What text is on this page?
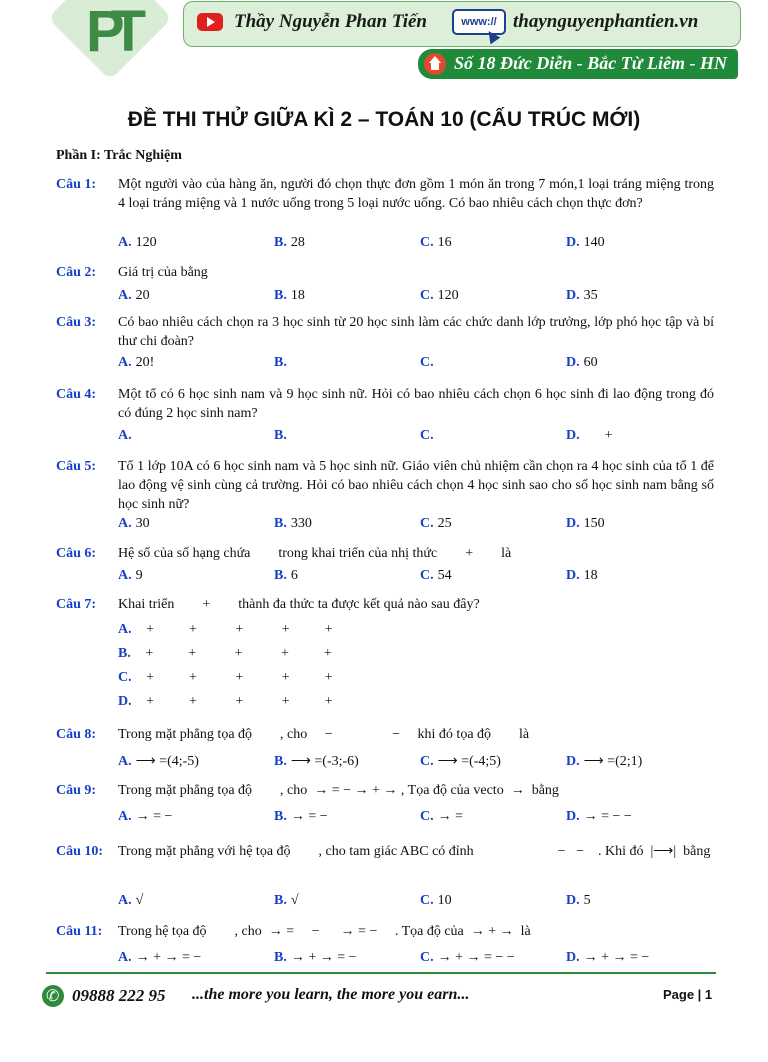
PT	Thầy Nguyễn Phan Tiến	www:// thaynguyenphantien.vn
Số 18 Đức Diễn - Bắc Từ Liêm - HN
ĐỀ THI THỬ GIỮA KÌ 2 – TOÁN 10 (CẤU TRÚC MỚI)
Phần I: Trắc Nghiệm
Câu 1: Một người vào của hàng ăn, người đó chọn thực đơn gồm 1 món ăn trong 7 món,1 loại tráng miệng trong 4 loại tráng miệng và 1 nước uống trong 5 loại nước uống. Có bao nhiêu cách chọn thực đơn?
A. 120	B. 28	C. 16	D. 140
Câu 2: Giá trị của bằng
A. 20	B. 18	C. 120	D. 35
Câu 3: Có bao nhiêu cách chọn ra 3 học sinh từ 20 học sinh làm các chức danh lớp trưởng, lớp phó học tập và bí thư chi đoàn?
A. 20!	B.	C.	D. 60
Câu 4: Một tổ có 6 học sinh nam và 9 học sinh nữ. Hỏi có bao nhiêu cách chọn 6 học sinh đi lao động trong đó có đúng 2 học sinh nam?
A.	B.	C.	D.      +
Câu 5: Tổ 1 lớp 10A có 6 học sinh nam và 5 học sinh nữ. Giáo viên chủ nhiệm cần chọn ra 4 học sinh của tổ 1 để lao động vệ sinh cùng cả trường. Hỏi có bao nhiêu cách chọn 4 học sinh sao cho số học sinh nam bằng số học sinh nữ?
A. 30	B. 330	C. 25	D. 150
Câu 6: Hệ số của số hạng chứa        trong khai triển của nhị thức        +        là
A. 9	B. 6	C. 54	D. 18
Câu 7: Khai triển        +        thành đa thức ta được kết quả nào sau đây?
A.   +          +           +           +          +
B.   +          +           +           +          +
C.   +          +           +           +          +
D.   +          +           +           +          +
Câu 8: Trong mặt phẳng tọa độ        , cho     −                 −     khi đó tọa độ        là
A. ⟶ =(4;-5)	B. ⟶ =(-3;-6)	C. ⟶ =(-4;5)	D. ⟶ =(2;1)
Câu 9: Trong mặt phẳng tọa độ        , cho  → = − → + → , Tọa độ của vecto  →  bằng

A. → = −

	B. → = −

	C. → =

	D. → = − −

Câu 10: Trong mặt phẳng với hệ tọa độ        , cho tam giác ABC có đỉnh                        −   −    . Khi đó  |⟶|  bằng
A. √	B. √	C. 10	D. 5
Câu 11: Trong hệ tọa độ        , cho  → =     −      → = −     . Tọa độ của  → + →  là

A. → + → = −

	B. → + → = −

	C. → + → = − −

	D. → + → = −

✆
09888 222 95 ...the more you learn, the more you earn...	Page | 1
